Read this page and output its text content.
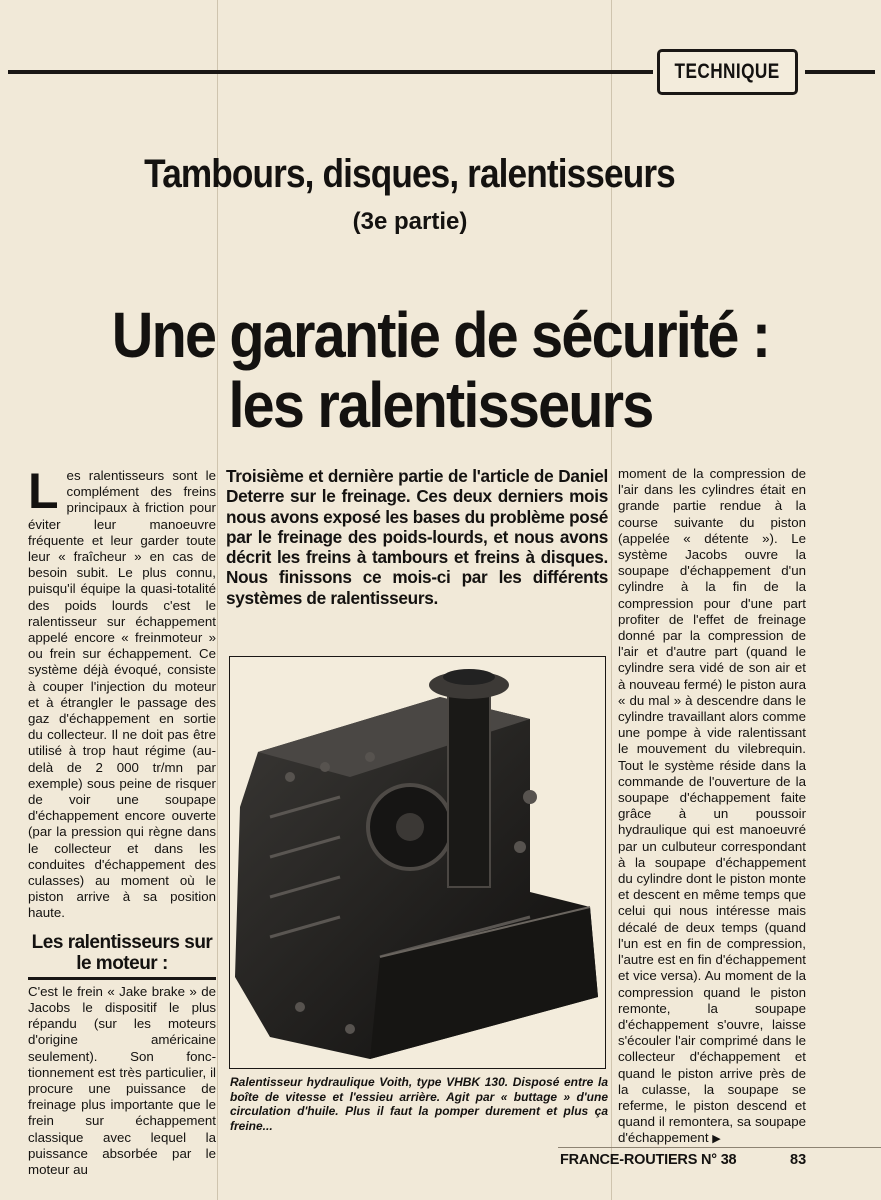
TECHNIQUE
Tambours, disques, ralentisseurs
(3e partie)
Une garantie de sécurité :
les ralentisseurs
L es ralentisseurs sont le complément des freins principaux à friction pour éviter leur manoeuvre fréquente et leur garder toute leur « fraîcheur » en cas de besoin subit. Le plus connu, puisqu'il équipe la quasi-totalité des poids lourds c'est le ralentisseur sur échappement appelé encore « freinmoteur » ou frein sur échappement. Ce système déjà évoqué, consiste à couper l'injection du moteur et à étrangler le passage des gaz d'échappement en sortie du collecteur. Il ne doit pas être utilisé à trop haut régime (au-delà de 2 000 tr/mn par exemple) sous peine de risquer de voir une soupape d'échappement encore ouverte (par la pression qui règne dans le collecteur et dans les conduites d'échappement des culasses) au moment où le piston arrive à sa position haute.
Les ralentisseurs sur le moteur :
C'est le frein « Jake brake » de Jacobs le dispositif le plus répandu (sur les moteurs d'origine américaine seulement). Son fonctionnement est très particulier, il procure une puissance de freinage plus importante que le frein sur échappement classique avec lequel la puissance absorbée par le moteur au
Troisième et dernière partie de l'article de Daniel Deterre sur le freinage. Ces deux derniers mois nous avons exposé les bases du problème posé par le freinage des poids-lourds, et nous avons décrit les freins à tambours et freins à disques. Nous finissons ce mois-ci par les différents systèmes de ralentisseurs.
Ralentisseur hydraulique Voith, type VHBK 130. Disposé entre la boîte de vitesse et l'essieu arrière. Agit par « buttage » d'une circulation d'huile. Plus il faut la pomper durement et plus ça freine...
moment de la compression de l'air dans les cylindres était en grande partie rendue à la course suivante du piston (appelée « détente »). Le système Jacobs ouvre la soupape d'échappement d'un cylindre à la fin de la compression pour d'une part profiter de l'effet de freinage donné par la compression de l'air et d'autre part (quand le cylindre sera vidé de son air et à nouveau fermé) le piston aura « du mal » à descendre dans le cylindre travaillant alors comme une pompe à vide ralentissant le mouvement du vilebrequin. Tout le système réside dans la commande de l'ouverture de la soupape d'échappement faite grâce à un poussoir hydraulique qui est manoeuvré par un culbuteur correspondant à la soupape d'échappement du cylindre dont le piston monte et descent en même temps que celui qui nous intéresse mais décalé de deux temps (quand l'un est en fin de compression, l'autre est en fin d'échappement et vice versa). Au moment de la compression quand le piston remonte, la soupape d'échappement s'ouvre, laisse s'écouler l'air comprimé dans le collecteur d'échappement et quand le piston arrive près de la culasse, la soupape se referme, le piston descend et quand il remontera, sa soupape d'échappement ▶
FRANCE-ROUTIERS N° 38	83
